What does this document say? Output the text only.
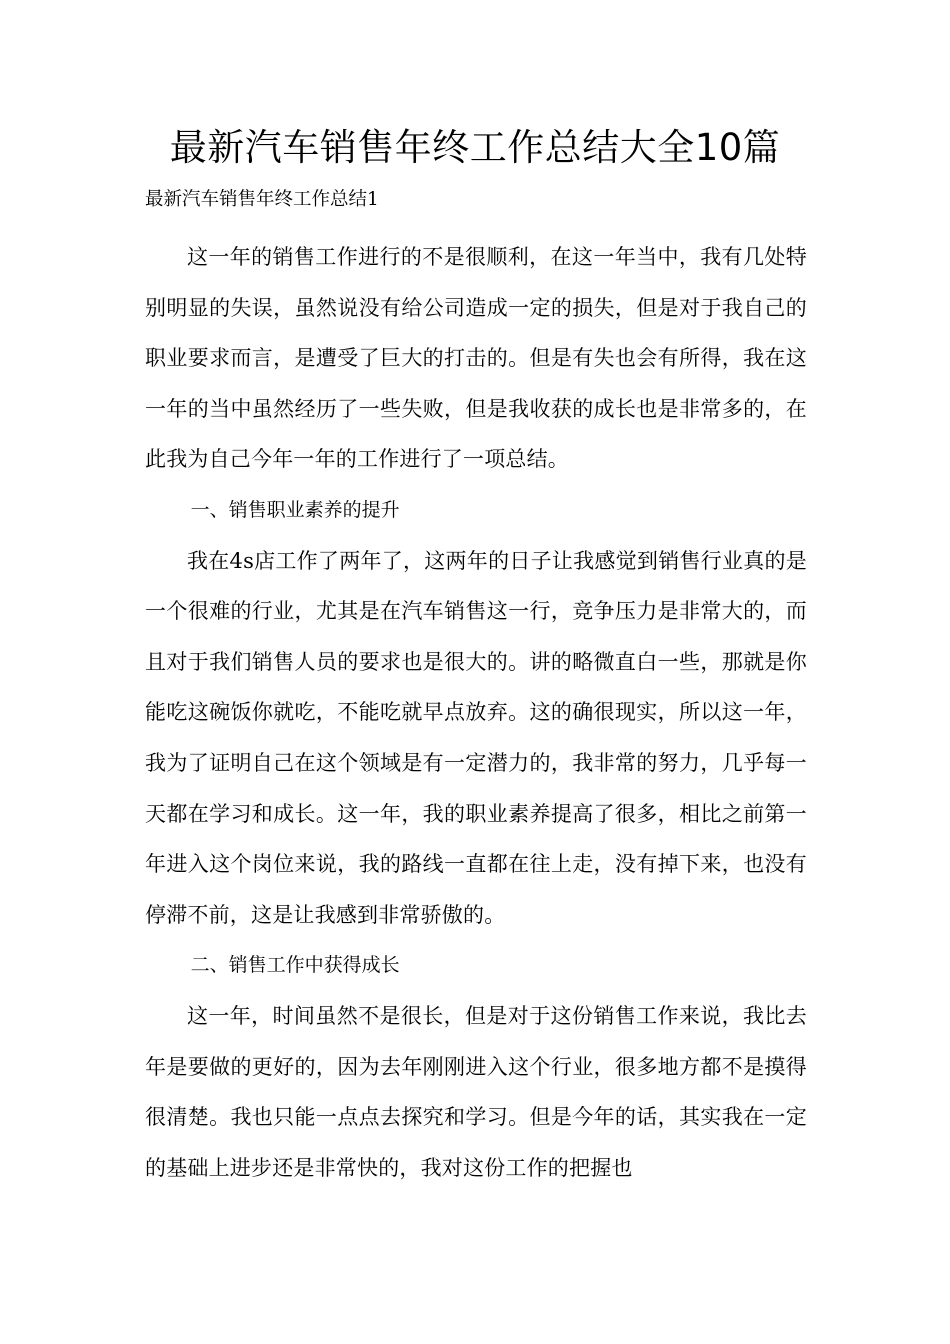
最新汽车销售年终工作总结大全10篇

最新汽车销售年终工作总结1

这一年的销售工作进行的不是很顺利，在这一年当中，我有几处特别明显的失误，虽然说没有给公司造成一定的损失，但是对于我自己的职业要求而言，是遭受了巨大的打击的。但是有失也会有所得，我在这一年的当中虽然经历了一些失败，但是我收获的成长也是非常多的，在此我为自己今年一年的工作进行了一项总结。

一、销售职业素养的提升

我在4s店工作了两年了，这两年的日子让我感觉到销售行业真的是一个很难的行业，尤其是在汽车销售这一行，竞争压力是非常大的，而且对于我们销售人员的要求也是很大的。讲的略微直白一些，那就是你能吃这碗饭你就吃，不能吃就早点放弃。这的确很现实，所以这一年，我为了证明自己在这个领域是有一定潜力的，我非常的努力，几乎每一天都在学习和成长。这一年，我的职业素养提高了很多，相比之前第一年进入这个岗位来说，我的路线一直都在往上走，没有掉下来，也没有停滞不前，这是让我感到非常骄傲的。

二、销售工作中获得成长

这一年，时间虽然不是很长，但是对于这份销售工作来说，我比去年是要做的更好的，因为去年刚刚进入这个行业，很多地方都不是摸得很清楚。我也只能一点点去探究和学习。但是今年的话，其实我在一定的基础上进步还是非常快的，我对这份工作的把握也
